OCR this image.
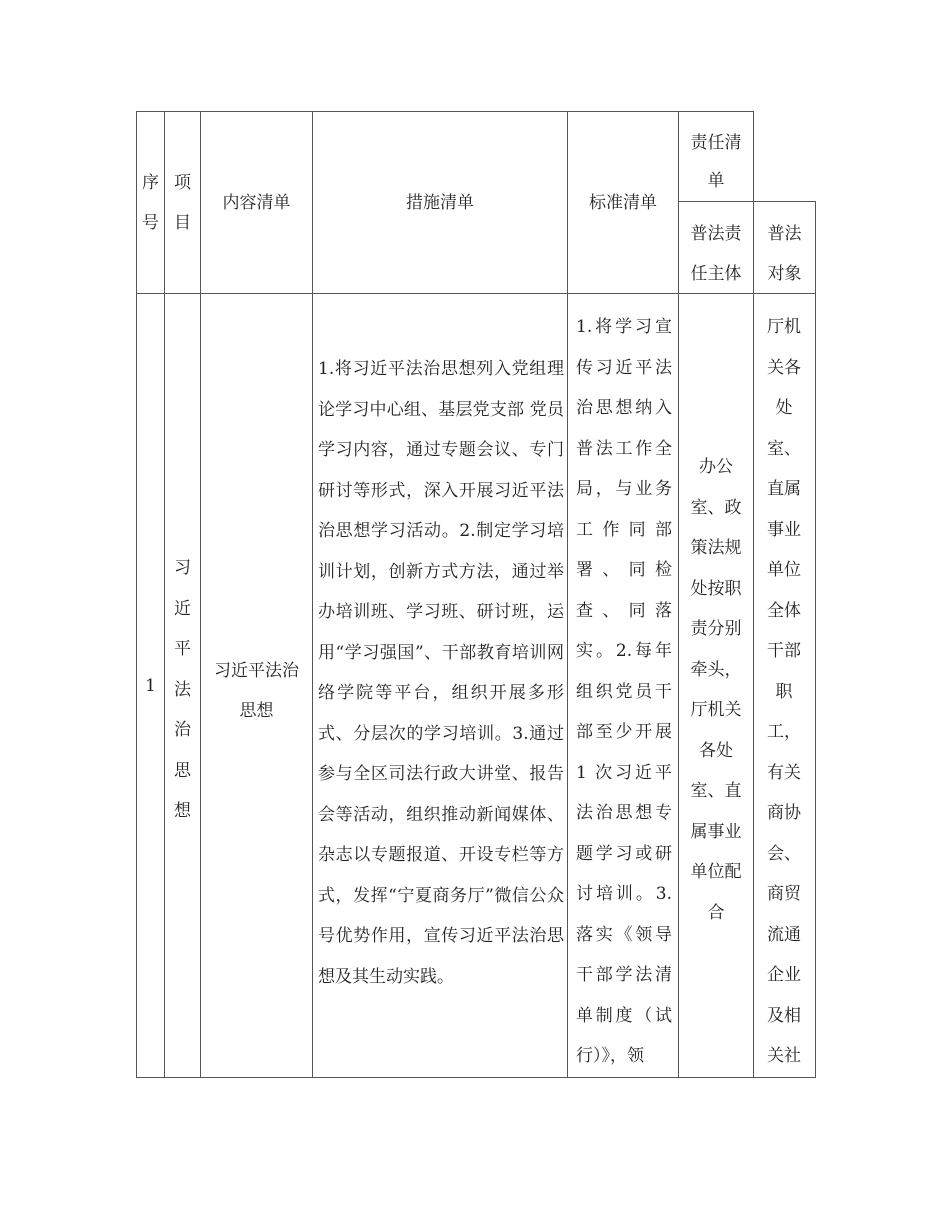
序号
项目
内容清单	措施清单	标准清单
责任清单
普法责任主体
普法对象
1
习近平法治思想
习近平法治思想
1.将习近平法治思想列入党组理论学习中心组、基层党支部 党员学习内容，通过专题会议、专门研讨等形式，深入开展习近平法治思想学习活动。2.制定学习培训计划，创新方式方法，通过举办培训班、学习班、研讨班，运用“学习强国”、干部教育培训网络学院等平台，组织开展多形式、分层次的学习培训。3.通过参与全区司法行政大讲堂、报告会等活动，组织推动新闻媒体、杂志以专题报道、开设专栏等方式，发挥“宁夏商务厅”微信公众号优势作用，宣传习近平法治思想及其生动实践。
1.将学习宣传习近平法治思想纳入普法工作全局，与业务工作同部署、同检查、同落实。2.每年组织党员干部至少开展 1 次习近平法治思想专题学习或研讨培训。3.落实《领导干部学法清单制度（试行）》，领
办公室、政策法规处按职责分别牵头，厅机关各处室、直属事业单位配合
厅机关各处室、直属事业单位全体干部职工，有关商协会、商贸流通企业及相关社
